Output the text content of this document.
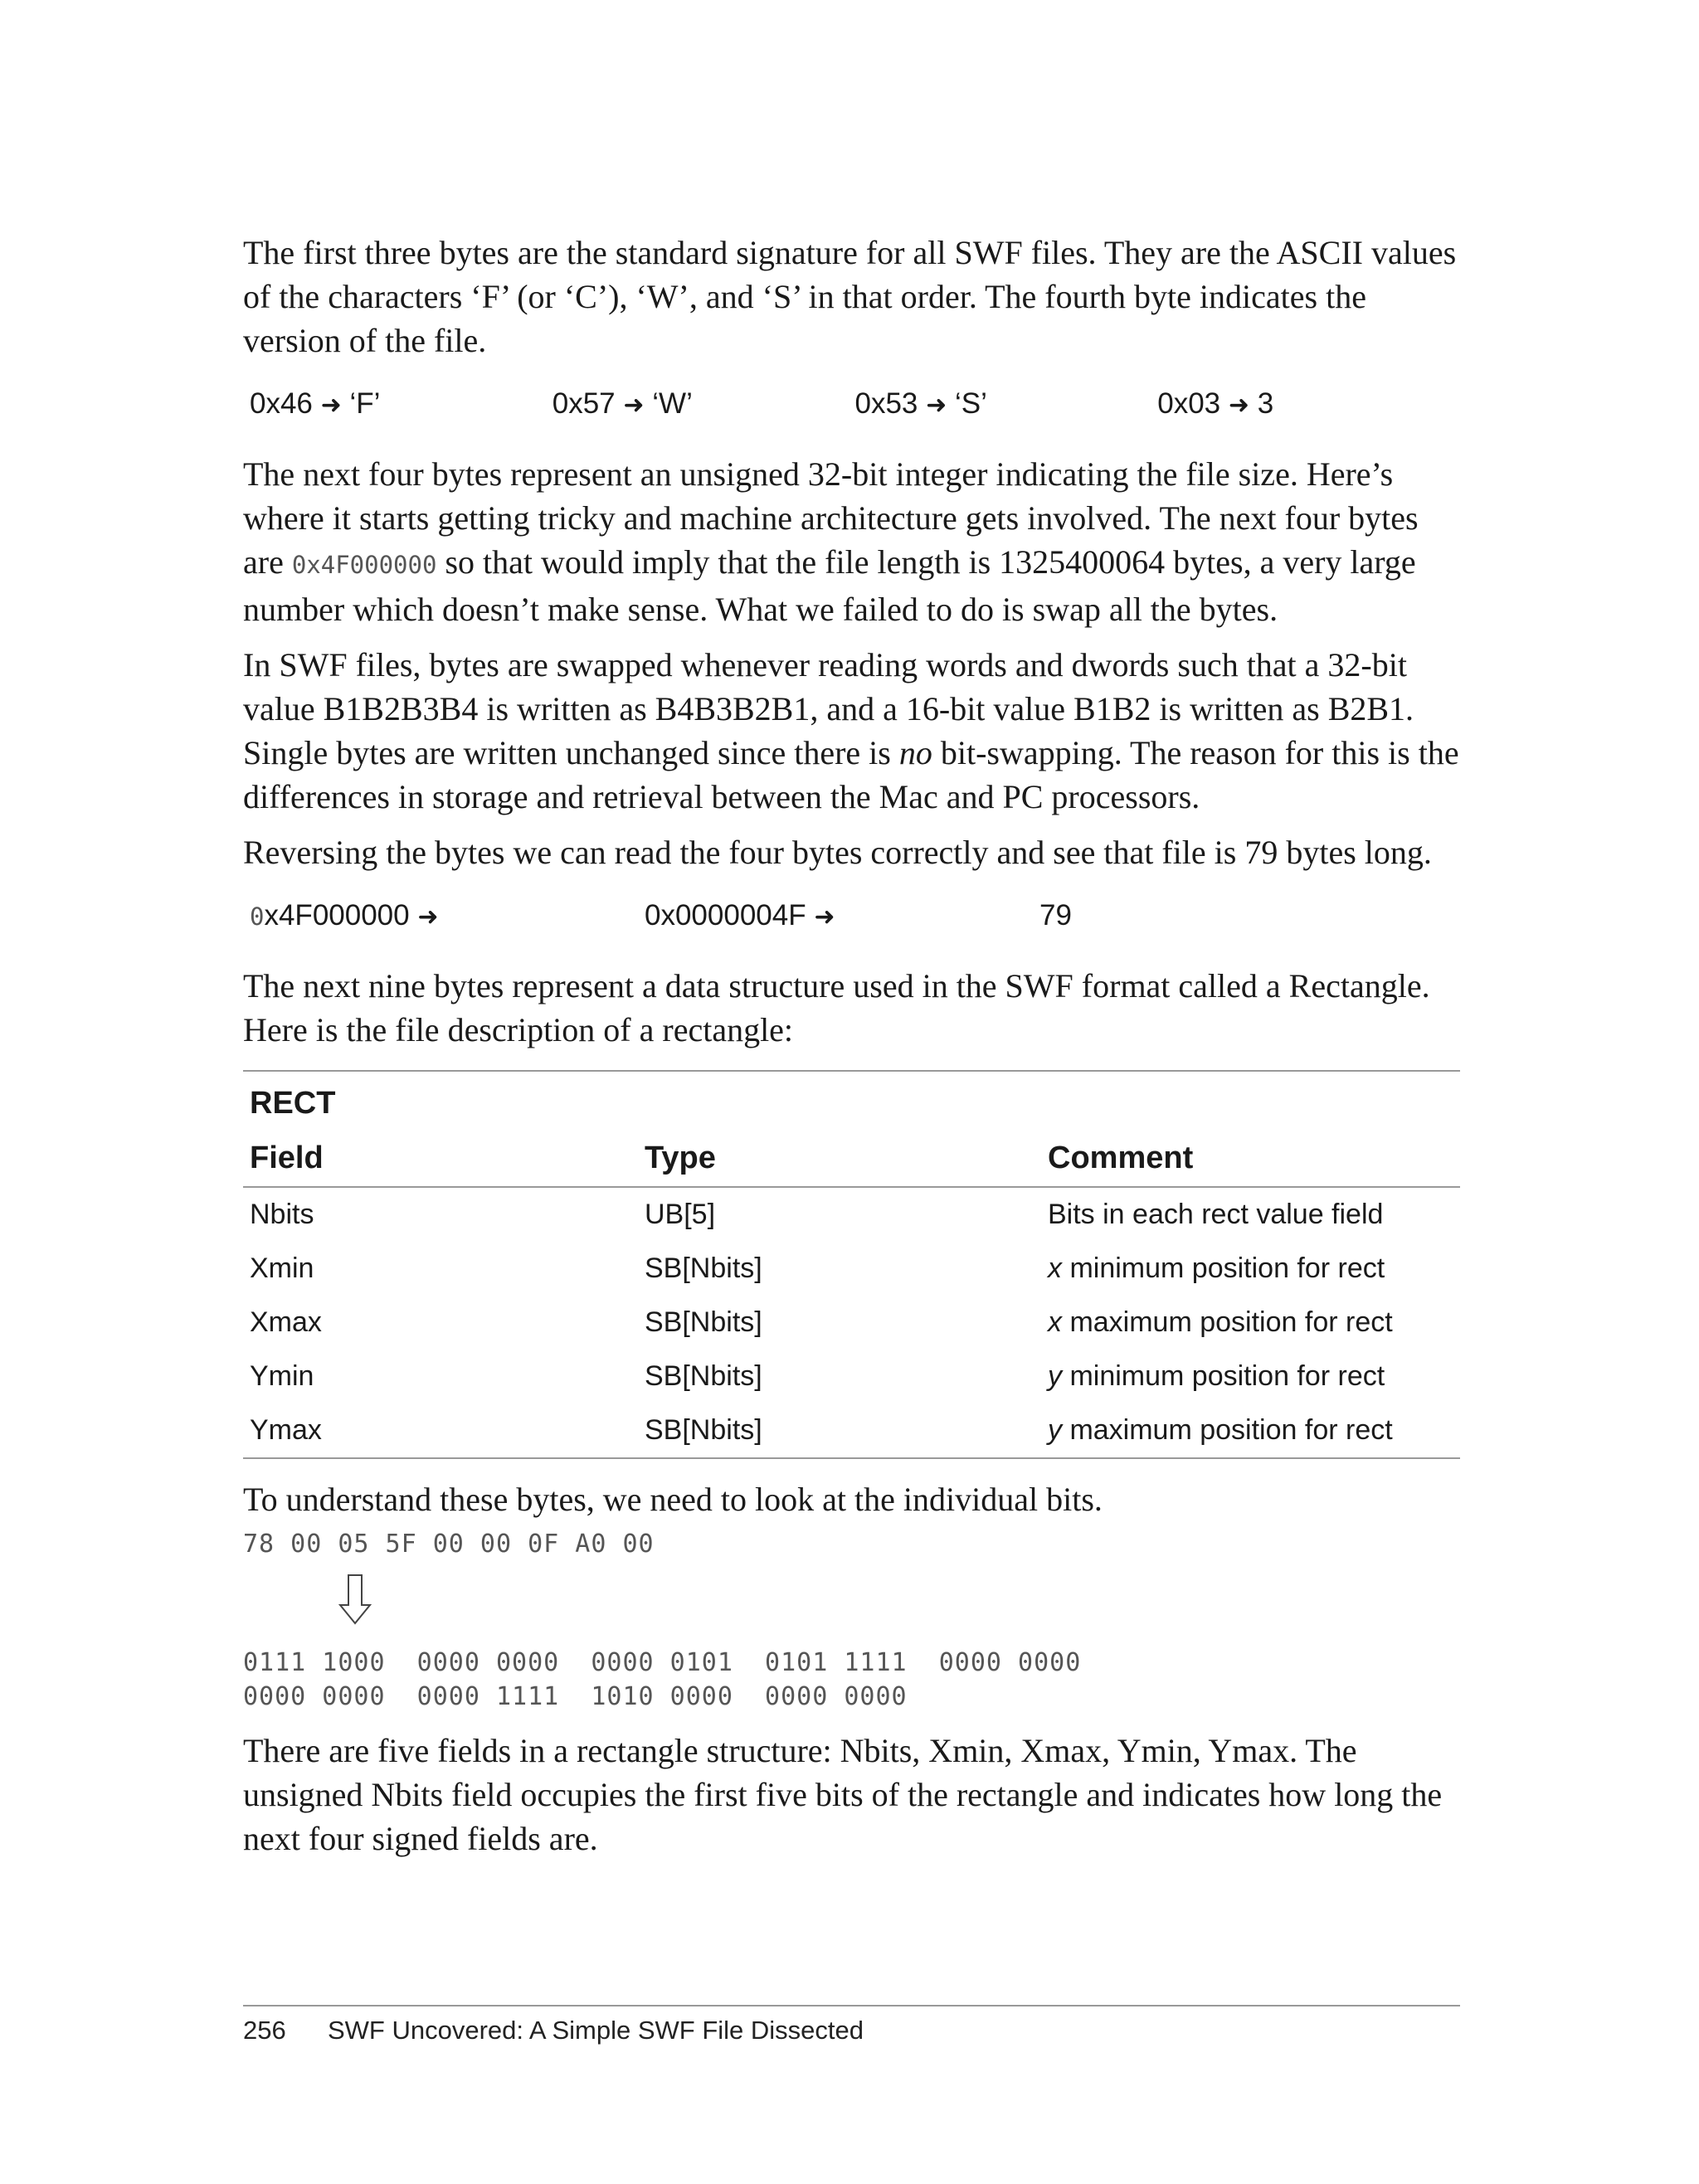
The first three bytes are the standard signature for all SWF files. They are the ASCII values of the characters ‘F’ (or ‘C’), ‘W’, and ‘S’ in that order. The fourth byte indicates the version of the file.

0x46 ➜ ‘F’	0x57 ➜ ‘W’	0x53 ➜ ‘S’	0x03 ➜ 3

The next four bytes represent an unsigned 32-bit integer indicating the file size. Here’s where it starts getting tricky and machine architecture gets involved. The next four bytes are 0x4F000000 so that would imply that the file length is 1325400064 bytes, a very large number which doesn’t make sense. What we failed to do is swap all the bytes.

In SWF files, bytes are swapped whenever reading words and dwords such that a 32-bit value B1B2B3B4 is written as B4B3B2B1, and a 16-bit value B1B2 is written as B2B1. Single bytes are written unchanged since there is no bit-swapping. The reason for this is the differences in storage and retrieval between the Mac and PC processors.

Reversing the bytes we can read the four bytes correctly and see that file is 79 bytes long.

0x4F000000 ➜	0x0000004F ➜	79

The next nine bytes represent a data structure used in the SWF format called a Rectangle. Here is the file description of a rectangle:

RECT		
Field	Type	Comment
Nbits	UB[5]	Bits in each rect value field
Xmin	SB[Nbits]	x minimum position for rect
Xmax	SB[Nbits]	x maximum position for rect
Ymin	SB[Nbits]	y minimum position for rect
Ymax	SB[Nbits]	y maximum position for rect

To understand these bytes, we need to look at the individual bits.

78 00 05 5F 00 00 0F A0 00
0111 1000  0000 0000  0000 0101  0101 1111  0000 0000
0000 0000  0000 1111  1010 0000  0000 0000

There are five fields in a rectangle structure: Nbits, Xmin, Xmax, Ymin, Ymax. The unsigned Nbits field occupies the first five bits of the rectangle and indicates how long the next four signed fields are.

256 SWF Uncovered: A Simple SWF File Dissected
